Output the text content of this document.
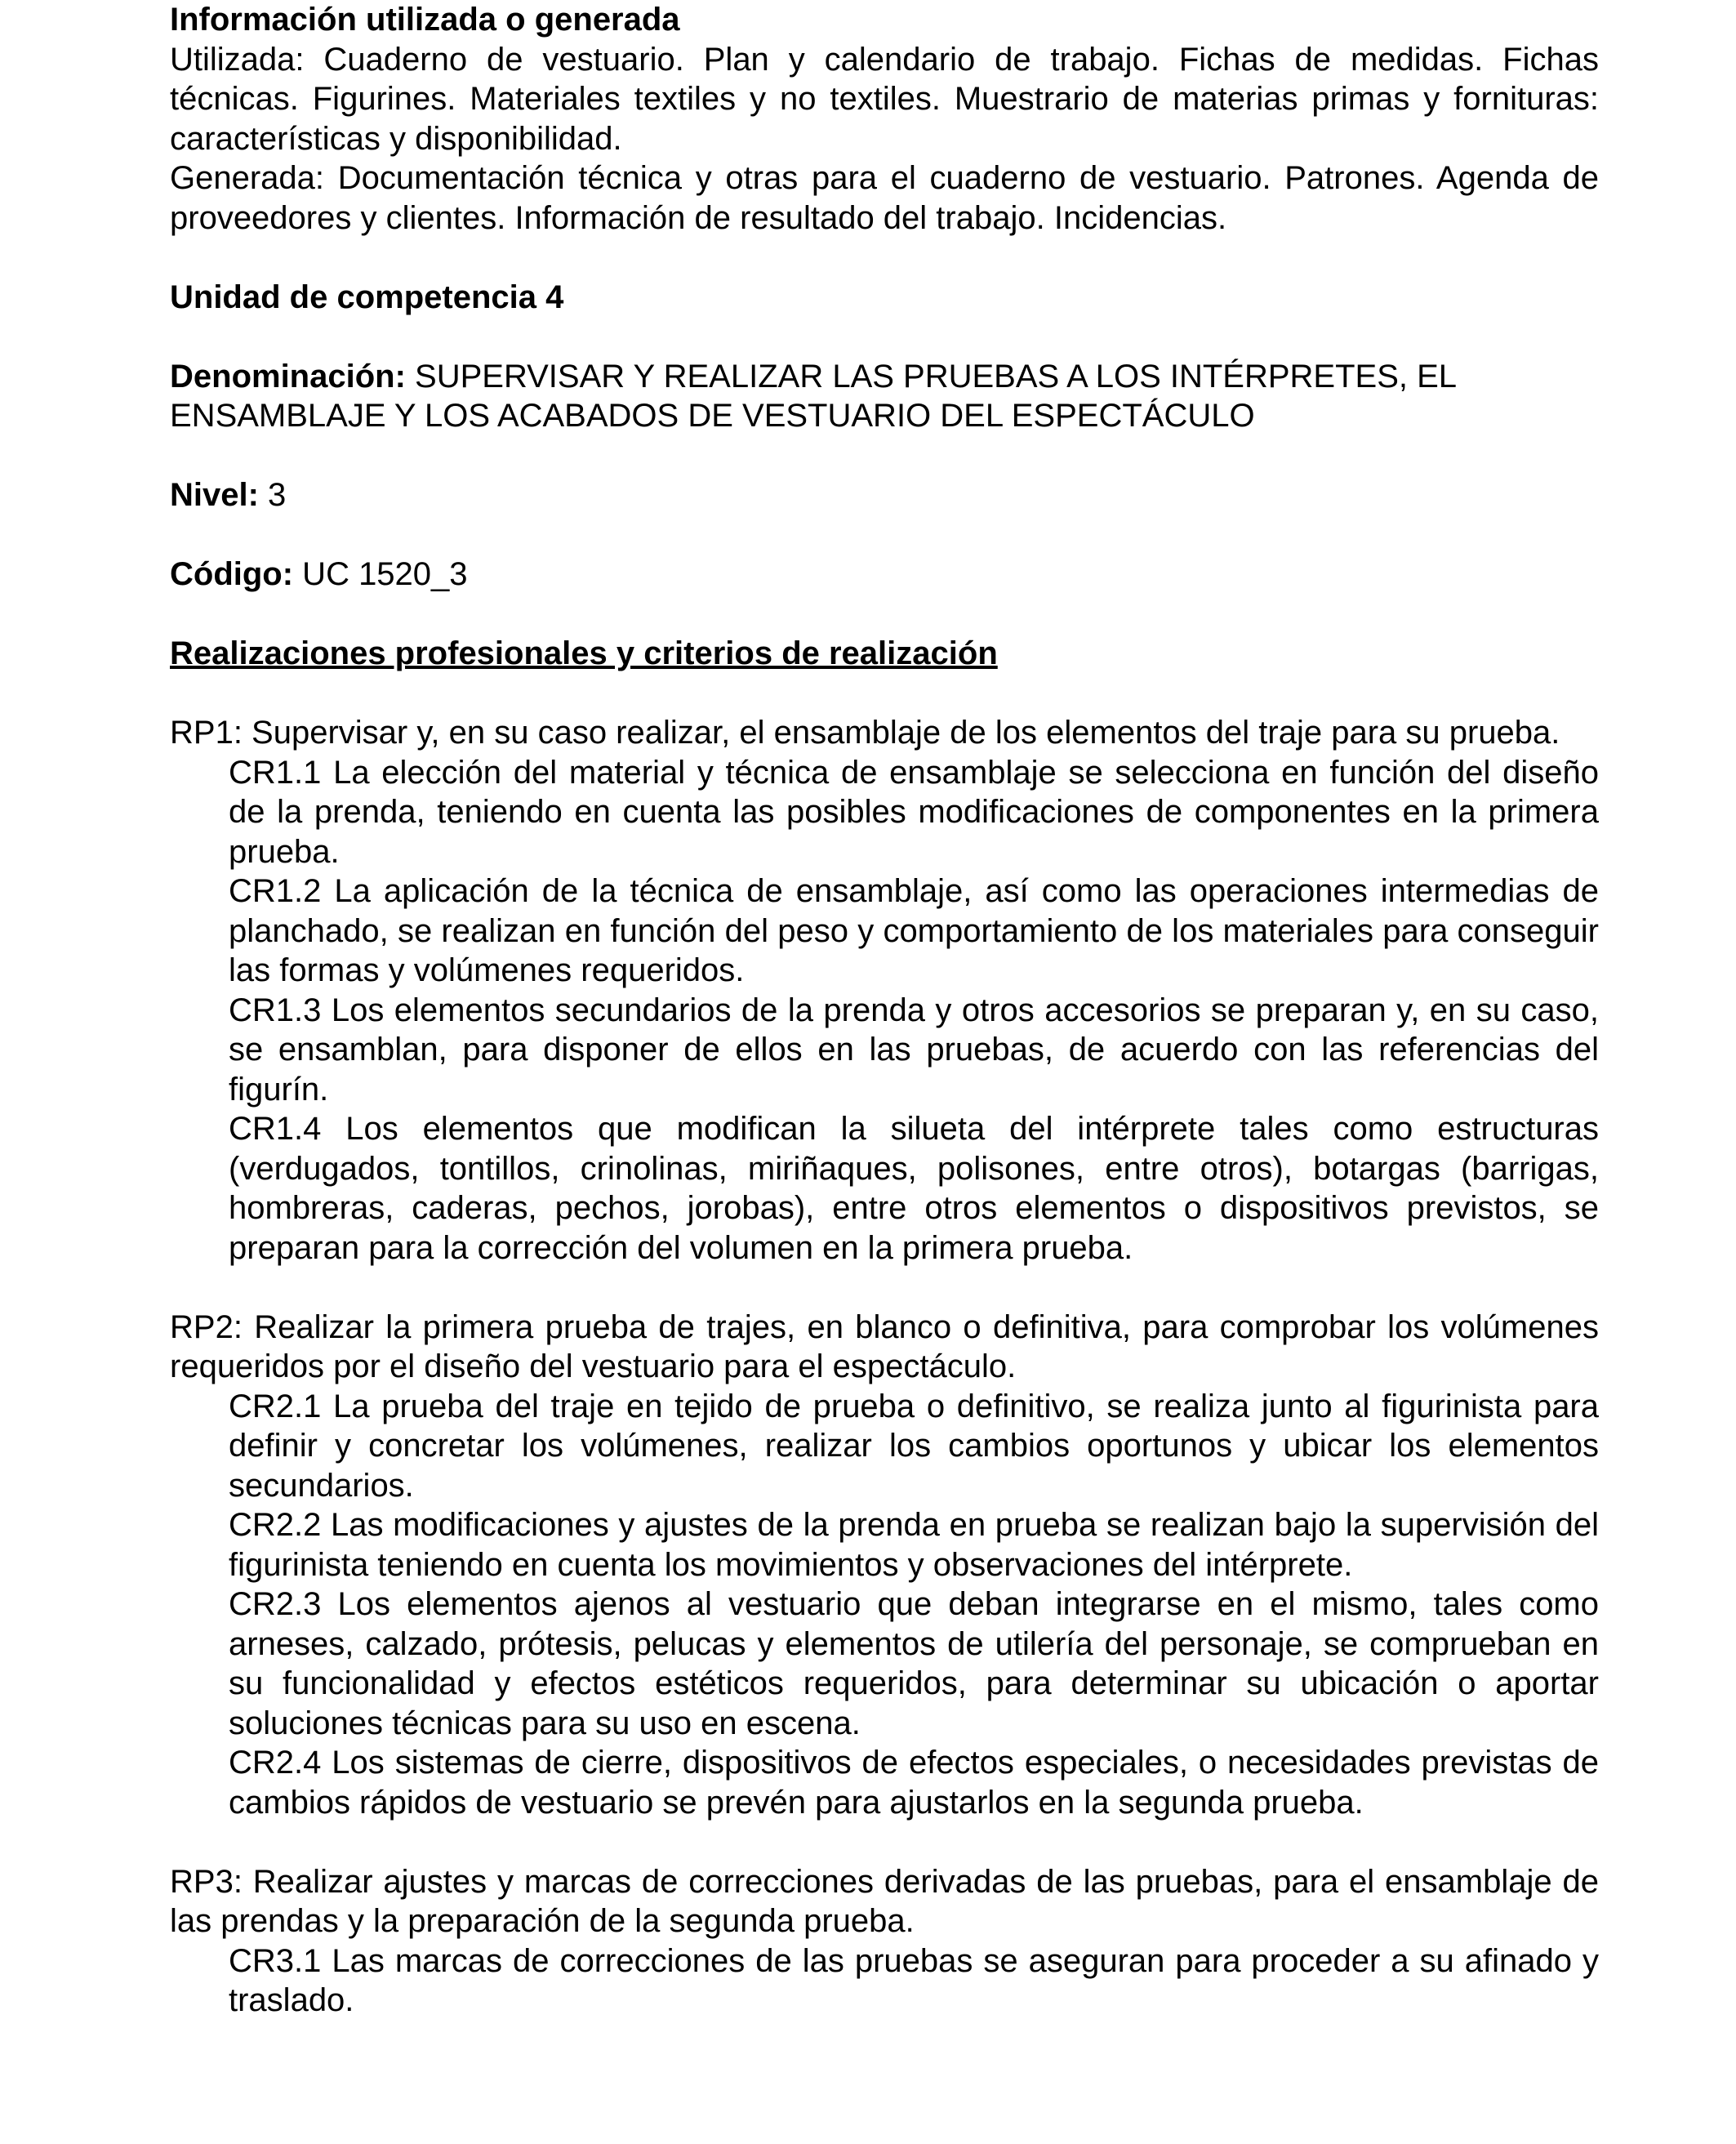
Información utilizada o generada

Utilizada: Cuaderno de vestuario. Plan y calendario de trabajo. Fichas de medidas. Fichas técnicas. Figurines. Materiales textiles y no textiles. Muestrario de materias primas y fornituras: características y disponibilidad.

Generada: Documentación técnica y otras para el cuaderno de vestuario. Patrones. Agenda de proveedores y clientes. Información de resultado del trabajo. Incidencias.

Unidad de competencia 4

Denominación: SUPERVISAR Y REALIZAR LAS PRUEBAS A LOS INTÉRPRETES, EL ENSAMBLAJE Y LOS ACABADOS DE VESTUARIO DEL ESPECTÁCULO

Nivel: 3

Código: UC 1520_3

Realizaciones profesionales y criterios de realización

RP1: Supervisar y, en su caso realizar, el ensamblaje de los elementos del traje para su prueba.

CR1.1 La elección del material y técnica de ensamblaje se selecciona en función del diseño de la prenda, teniendo en cuenta las posibles modificaciones de componentes en la primera prueba.

CR1.2 La aplicación de la técnica de ensamblaje, así como las operaciones intermedias de planchado, se realizan en función del peso y comportamiento de los materiales para conseguir las formas y volúmenes requeridos.

CR1.3 Los elementos secundarios de la prenda y otros accesorios se preparan y, en su caso, se ensamblan, para disponer de ellos en las pruebas, de acuerdo con las referencias del figurín.

CR1.4 Los elementos que modifican la silueta del intérprete tales como estructuras (verdugados, tontillos, crinolinas, miriñaques, polisones, entre otros), botargas (barrigas, hombreras, caderas, pechos, jorobas), entre otros elementos o dispositivos previstos, se preparan para la corrección del volumen en la primera prueba.

RP2: Realizar la primera prueba de trajes, en blanco o definitiva, para comprobar los volúmenes requeridos por el diseño del vestuario para el espectáculo.

CR2.1 La prueba del traje en tejido de prueba o definitivo, se realiza junto al figurinista para definir y concretar los volúmenes, realizar los cambios oportunos y ubicar los elementos secundarios.

CR2.2 Las modificaciones y ajustes de la prenda en prueba se realizan bajo la supervisión del figurinista teniendo en cuenta los movimientos y observaciones del intérprete.

CR2.3 Los elementos ajenos al vestuario que deban integrarse en el mismo, tales como arneses, calzado, prótesis, pelucas y elementos de utilería del personaje, se comprueban en su funcionalidad y efectos estéticos requeridos, para determinar su ubicación o aportar soluciones técnicas para su uso en escena.

CR2.4 Los sistemas de cierre, dispositivos de efectos especiales, o necesidades previstas de cambios rápidos de vestuario se prevén para ajustarlos en la segunda prueba.

RP3: Realizar ajustes y marcas de correcciones derivadas de las pruebas, para el ensamblaje de las prendas y la preparación de la segunda prueba.

CR3.1 Las marcas de correcciones de las pruebas se aseguran para proceder a su afinado y traslado.
